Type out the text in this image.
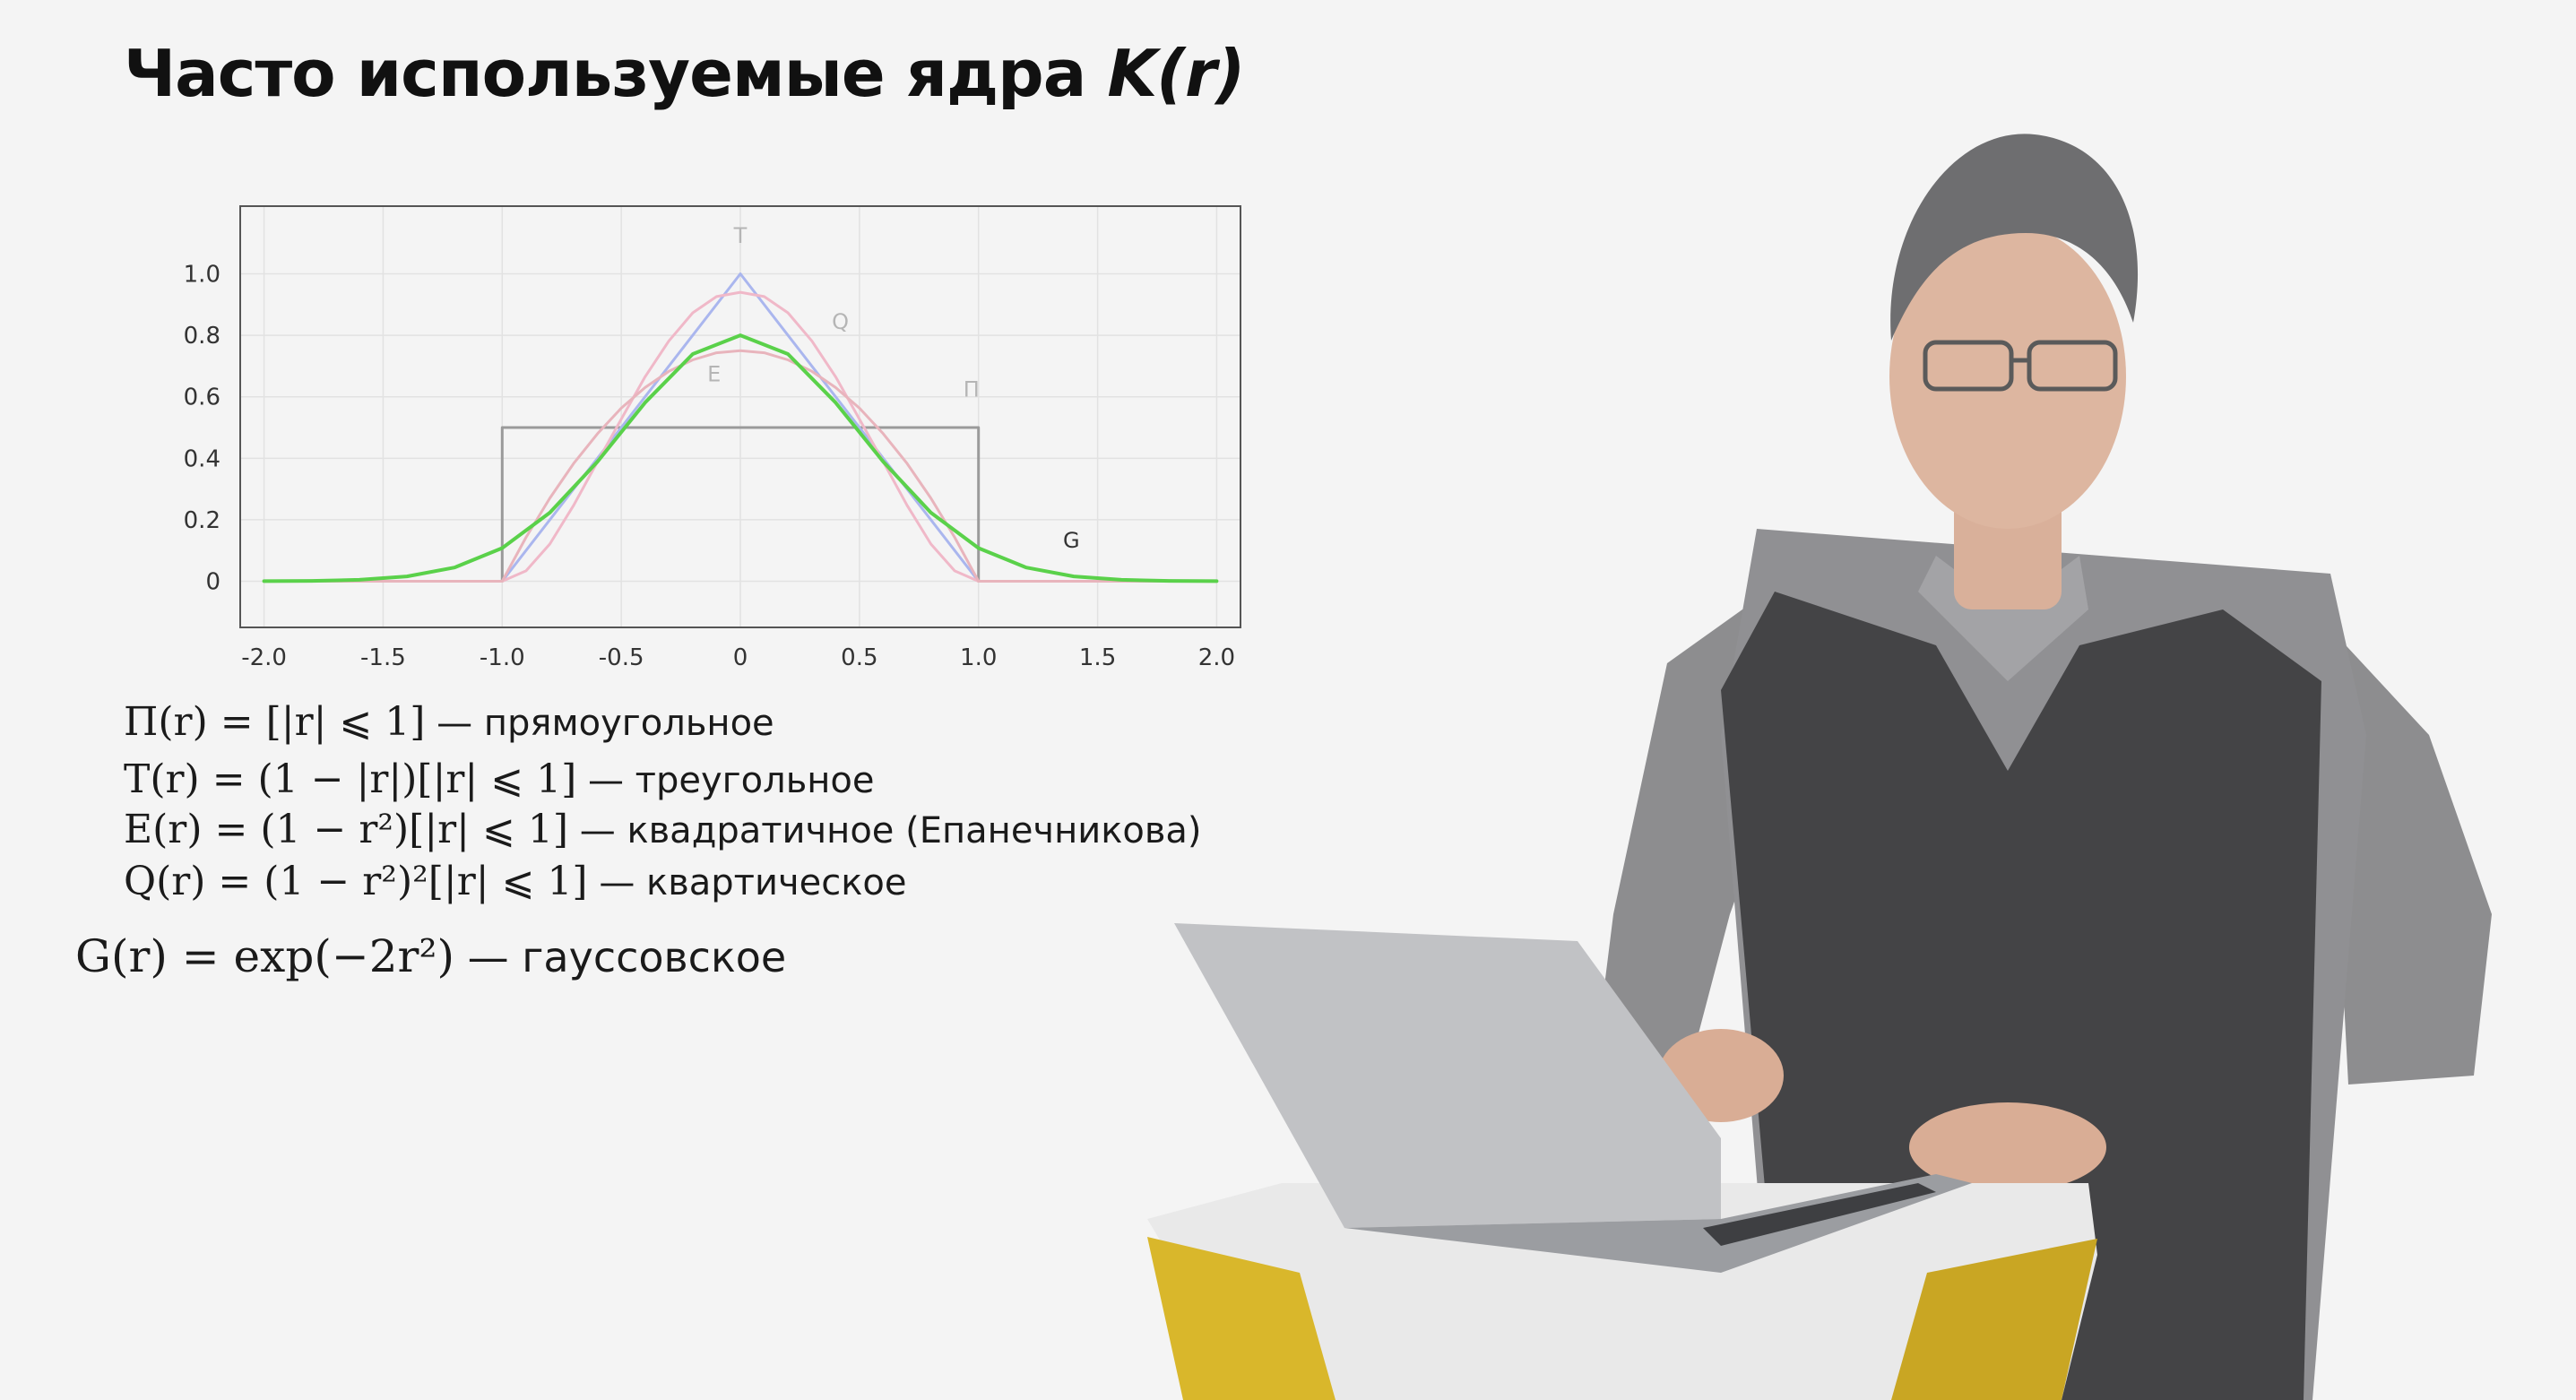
Часто используемые ядра K(r)
-2.0	-1.5	-1.0	-0.5	0	0.5	1.0	1.5	2.0
0
0.2
0.4
0.6
0.8
1.0
П
T
Q
E
G
Π(r) = [|r| ⩽ 1] — прямоугольное
T(r) = (1 − |r|)[|r| ⩽ 1] — треугольное
E(r) = (1 − r²)[|r| ⩽ 1] — квадратичное (Епанечникова)
Q(r) = (1 − r²)²[|r| ⩽ 1] — квартическое
G(r) = exp(−2r²) — гауссовское
